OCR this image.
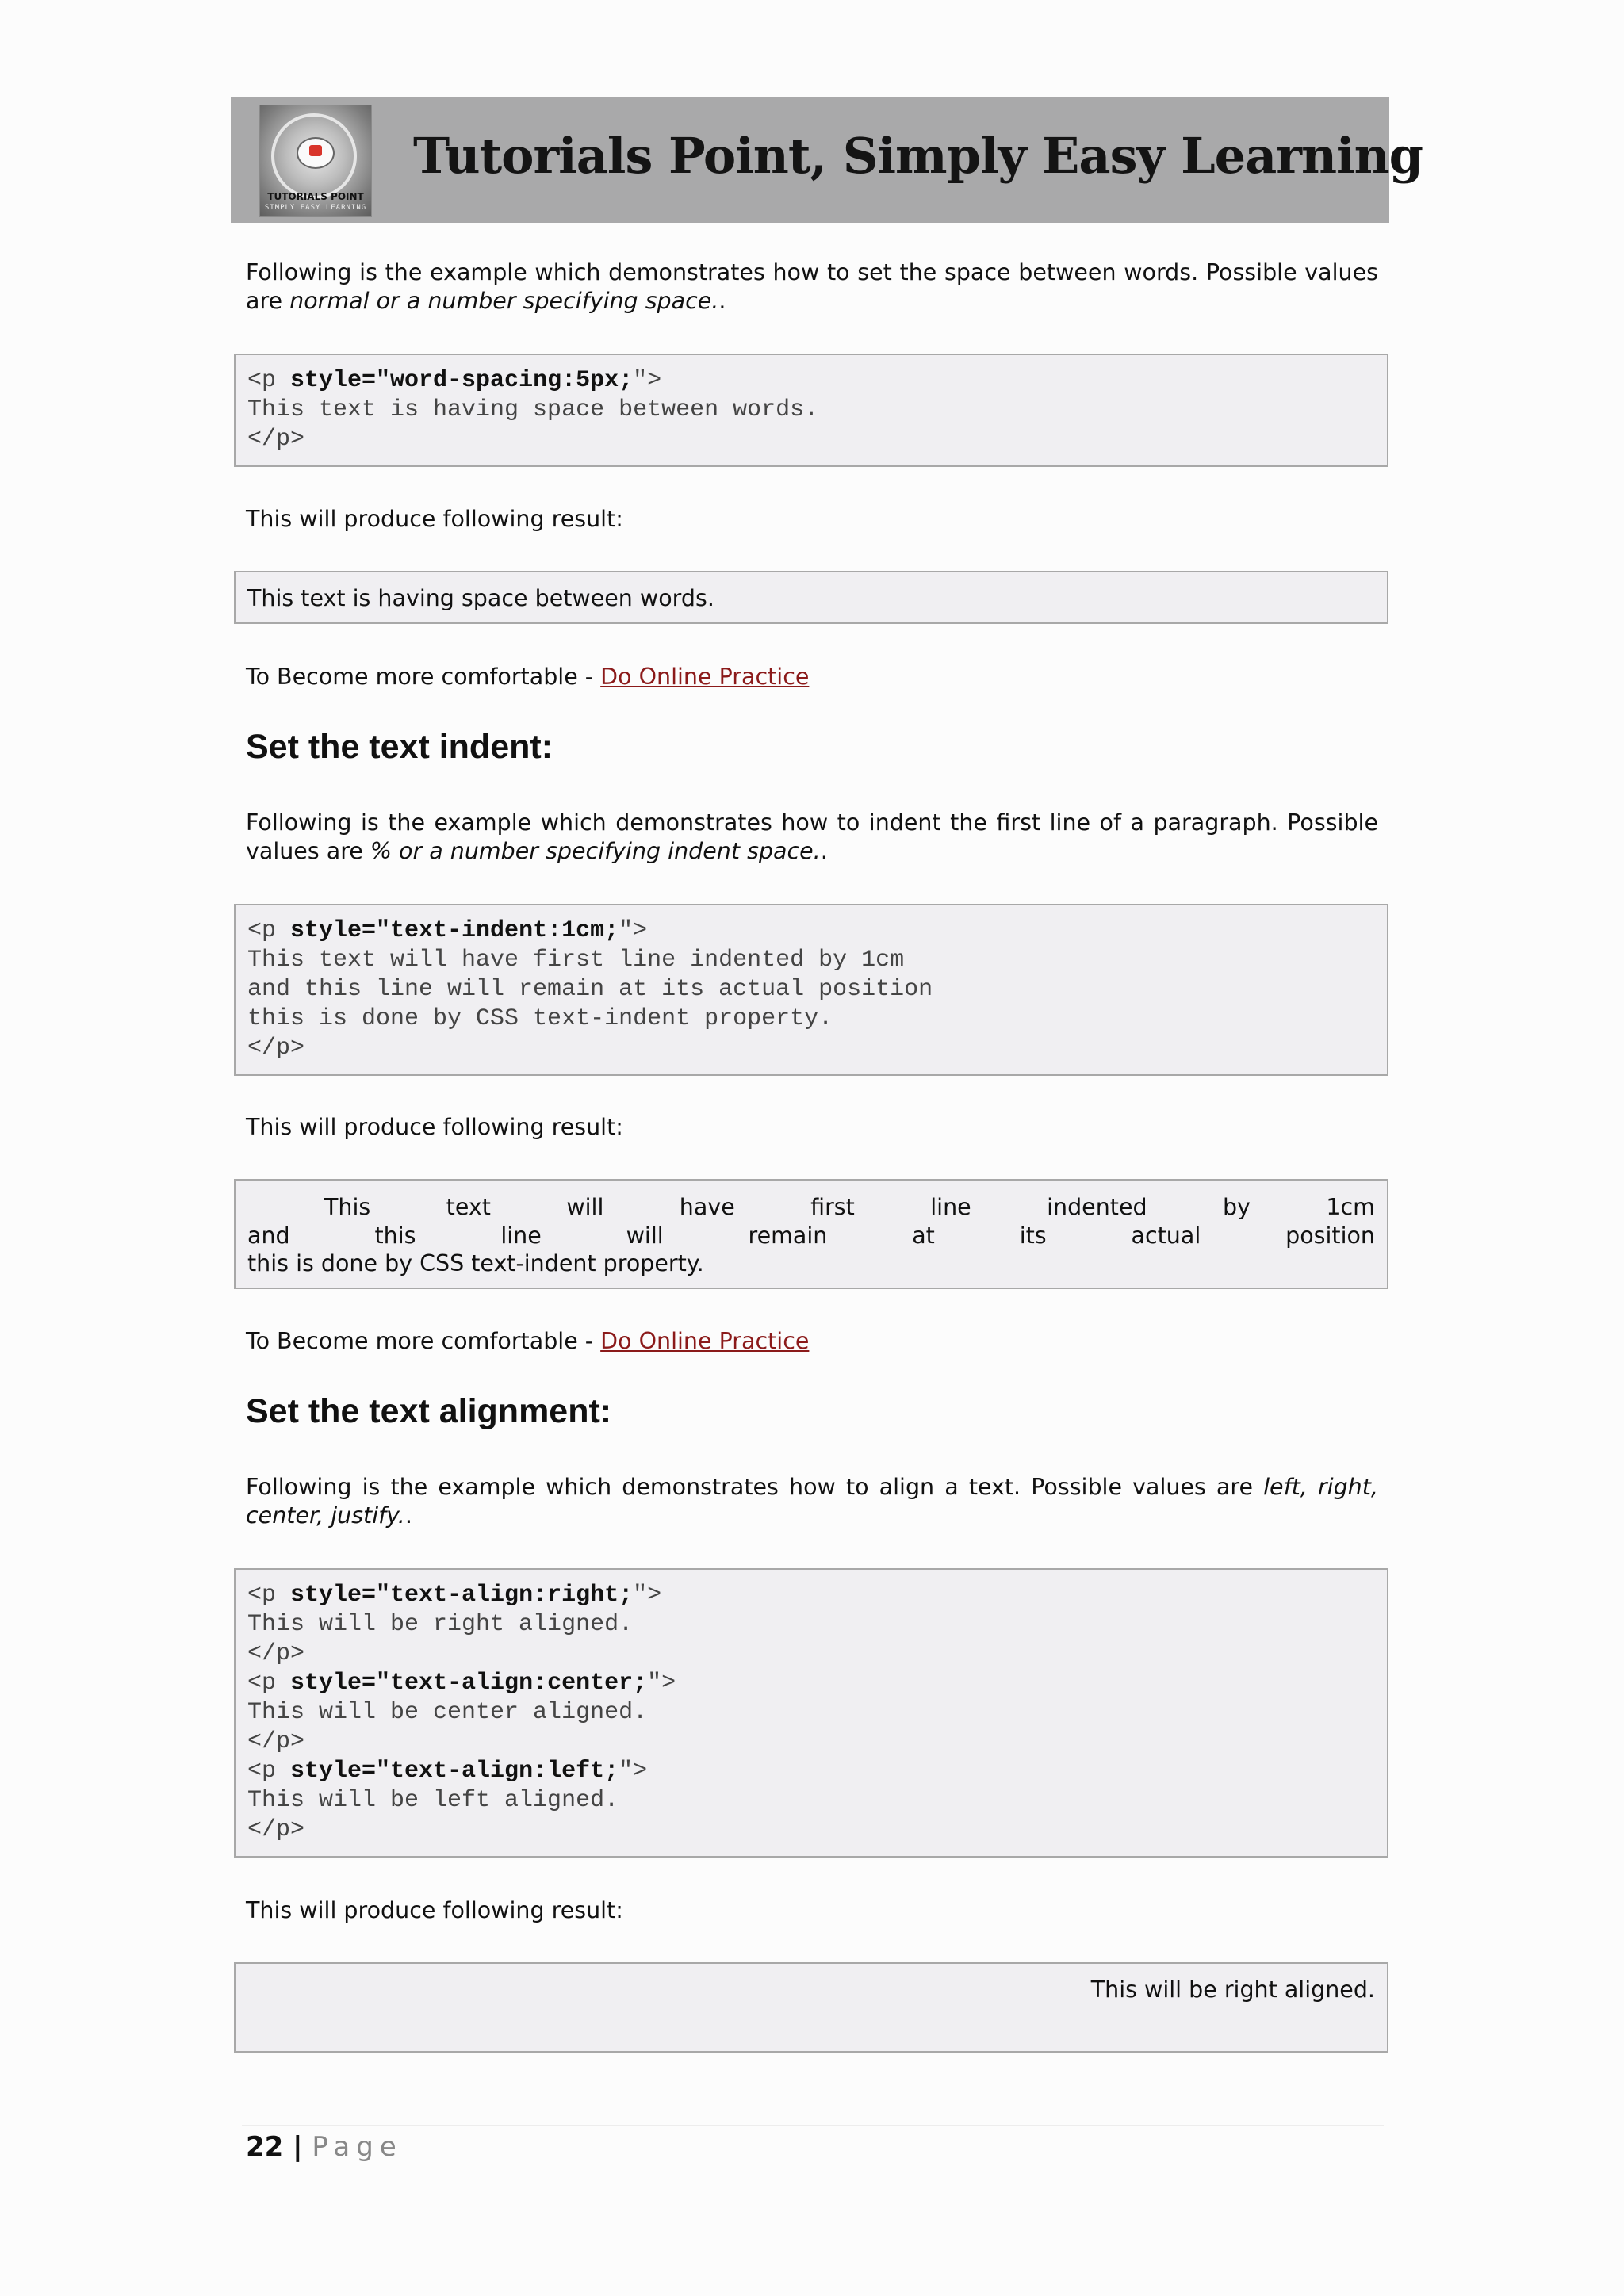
TUTORIALS POINT
SIMPLY EASY LEARNING
Tutorials Point, Simply Easy Learning
Following is the example which demonstrates how to set the space between words. Possible values are normal or a number specifying space..
<p style="word-spacing:5px;">
This text is having space between words.
</p>
This will produce following result:
This text is having space between words.
To Become more comfortable - Do Online Practice
Set the text indent:
Following is the example which demonstrates how to indent the first line of a paragraph. Possible values are % or a number specifying indent space..
<p style="text-indent:1cm;">
This text will have first line indented by 1cm
and this line will remain at its actual position
this is done by CSS text-indent property.
</p>
This will produce following result:
This	text	will	have	first	line	indented	by	1cm
and	this	line	will	remain	at	its	actual	position
this is done by CSS text-indent property.
To Become more comfortable - Do Online Practice
Set the text alignment:
Following is the example which demonstrates how to align a text. Possible values are left, right, center, justify..
<p style="text-align:right;">
This will be right aligned.
</p>
<p style="text-align:center;">
This will be center aligned.
</p>
<p style="text-align:left;">
This will be left aligned.
</p>
This will produce following result:
This will be right aligned.
22 | Page
